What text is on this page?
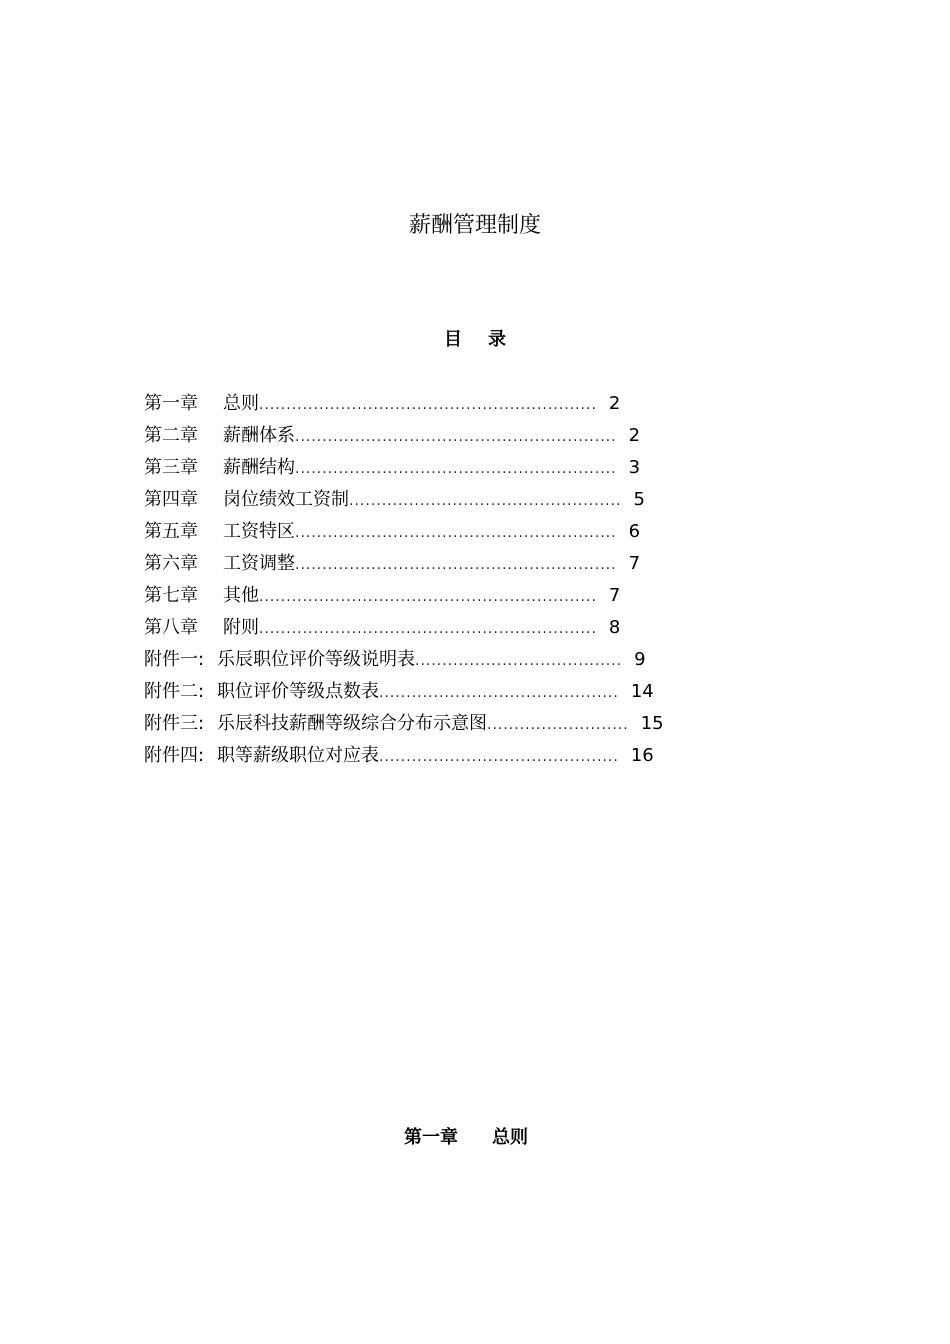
薪酬管理制度
目 录
第一章	总则 .............................................................. 2
第二章	薪酬体系 ........................................................... 2
第三章	薪酬结构 ........................................................... 3
第四章	岗位绩效工资制 .................................................. 5
第五章	工资特区 ........................................................... 6
第六章	工资调整 ........................................................... 7
第七章	其他 .............................................................. 7
第八章	附则 .............................................................. 8
附件一: 乐辰职位评价等级说明表 ...................................... 9
附件二: 职位评价等级点数表 ............................................ 14
附件三: 乐辰科技薪酬等级综合分布示意图 .......................... 15
附件四: 职等薪级职位对应表 ............................................ 16
第一章 总则
